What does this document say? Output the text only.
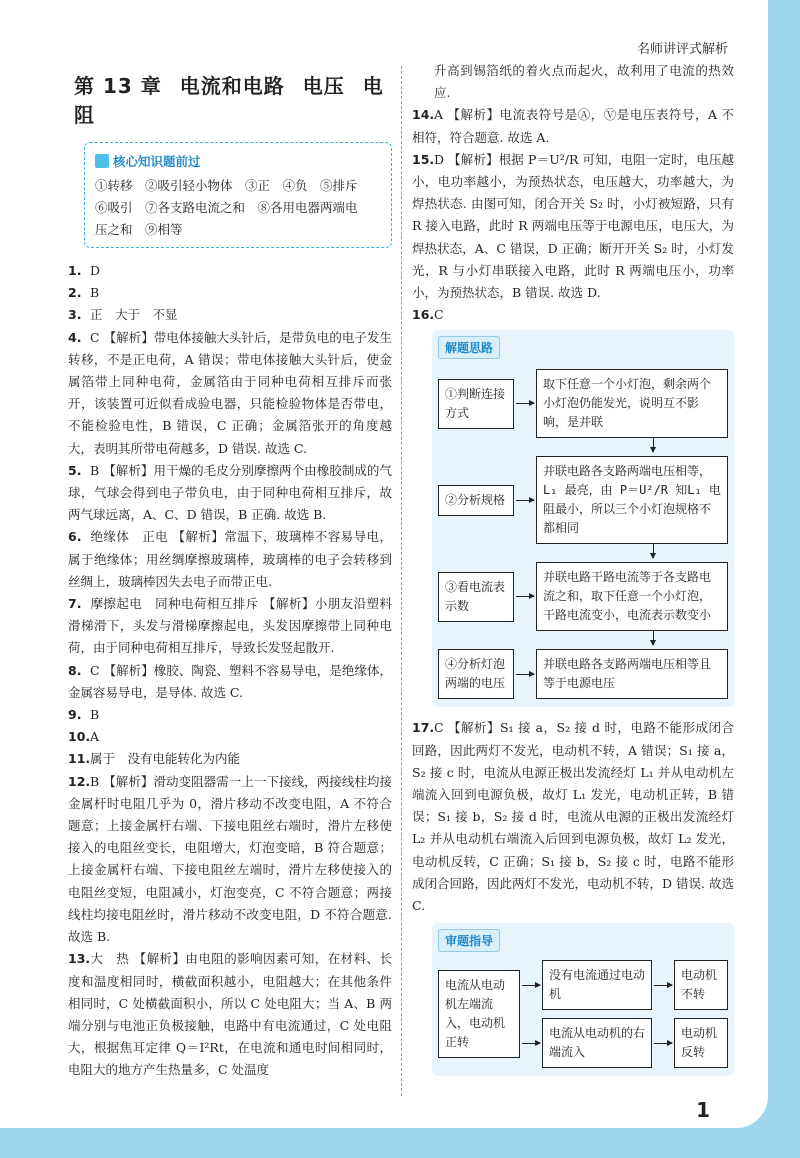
名师讲评式解析
第 13 章 电流和电路 电压 电阻
核心知识题前过
①转移　②吸引轻小物体　③正　④负　⑤排斥
⑥吸引　⑦各支路电流之和　⑧各用电器两端电
压之和　⑨相等
1. D
2. B
3. 正　大于　不显
4. C 【解析】带电体接触大头针后，是带负电的电子发生转移，不是正电荷，A 错误；带电体接触大头针后，使金属箔带上同种电荷，金属箔由于同种电荷相互排斥而张开，该装置可近似看成验电器，只能检验物体是否带电，不能检验电性，B 错误，C 正确；金属箔张开的角度越大，表明其所带电荷越多，D 错误. 故选 C.
5. B 【解析】用干燥的毛皮分别摩擦两个由橡胶制成的气球，气球会得到电子带负电，由于同种电荷相互排斥，故两气球远离，A、C、D 错误，B 正确. 故选 B.
6. 绝缘体　正电 【解析】常温下，玻璃棒不容易导电，属于绝缘体；用丝绸摩擦玻璃棒，玻璃棒的电子会转移到丝绸上，玻璃棒因失去电子而带正电.
7. 摩擦起电　同种电荷相互排斥 【解析】小朋友沿塑料滑梯滑下，头发与滑梯摩擦起电，头发因摩擦带上同种电荷，由于同种电荷相互排斥，导致长发竖起散开.
8. C 【解析】橡胶、陶瓷、塑料不容易导电，是绝缘体，金属容易导电，是导体. 故选 C.
9. B
10.A
11.属于　没有电能转化为内能
12.B 【解析】滑动变阻器需一上一下接线，两接线柱均接金属杆时电阻几乎为 0，滑片移动不改变电阻，A 不符合题意；上接金属杆右端、下接电阻丝右端时，滑片左移使接入的电阻丝变长，电阻增大，灯泡变暗，B 符合题意；上接金属杆右端、下接电阻丝左端时，滑片左移使接入的电阻丝变短，电阻减小，灯泡变亮，C 不符合题意；两接线柱均接电阻丝时，滑片移动不改变电阻，D 不符合题意. 故选 B.
13.大　热 【解析】由电阻的影响因素可知，在材料、长度和温度相同时，横截面积越小，电阻越大；在其他条件相同时，C 处横截面积小，所以 C 处电阻大；当 A、B 两端分别与电池正负极接触，电路中有电流通过，C 处电阻大，根据焦耳定律 Q＝I²Rt，在电流和通电时间相同时，电阻大的地方产生热量多，C 处温度
升高到锡箔纸的着火点而起火，故利用了电流的热效应.
14.A 【解析】电流表符号是Ⓐ，Ⓥ是电压表符号，A 不相符，符合题意. 故选 A.
15.D 【解析】根据 P＝U²/R 可知，电阻一定时，电压越小，电功率越小，为预热状态，电压越大，功率越大，为焊热状态. 由图可知，闭合开关 S₂ 时，小灯被短路，只有 R 接入电路，此时 R 两端电压等于电源电压，电压大，为焊热状态，A、C 错误，D 正确；断开开关 S₂ 时，小灯发光，R 与小灯串联接入电路，此时 R 两端电压小，功率小，为预热状态，B 错误. 故选 D.
16.C
解题思路
①判断连接方式
取下任意一个小灯泡，剩余两个小灯泡仍能发光，说明互不影响，是并联
②分析规格
并联电路各支路两端电压相等，L₁ 最亮，由 P＝U²/R 知L₁ 电阻最小，所以三个小灯泡规格不都相同
③看电流表示数
并联电路干路电流等于各支路电流之和，取下任意一个小灯泡，干路电流变小，电流表示数变小
④分析灯泡两端的电压
并联电路各支路两端电压相等且等于电源电压
17.C 【解析】S₁ 接 a，S₂ 接 d 时，电路不能形成闭合回路，因此两灯不发光，电动机不转，A 错误；S₁ 接 a，S₂ 接 c 时，电流从电源正极出发流经灯 L₁ 并从电动机左端流入回到电源负极，故灯 L₁ 发光，电动机正转，B 错误；S₁ 接 b，S₂ 接 d 时，电流从电源的正极出发流经灯 L₂ 并从电动机右端流入后回到电源负极，故灯 L₂ 发光，电动机反转，C 正确；S₁ 接 b，S₂ 接 c 时，电路不能形成闭合回路，因此两灯不发光，电动机不转，D 错误. 故选 C.
审题指导
电流从电动机左端流入，电动机正转
没有电流通过电动机
电动机不转
电流从电动机的右端流入
电动机反转
1
